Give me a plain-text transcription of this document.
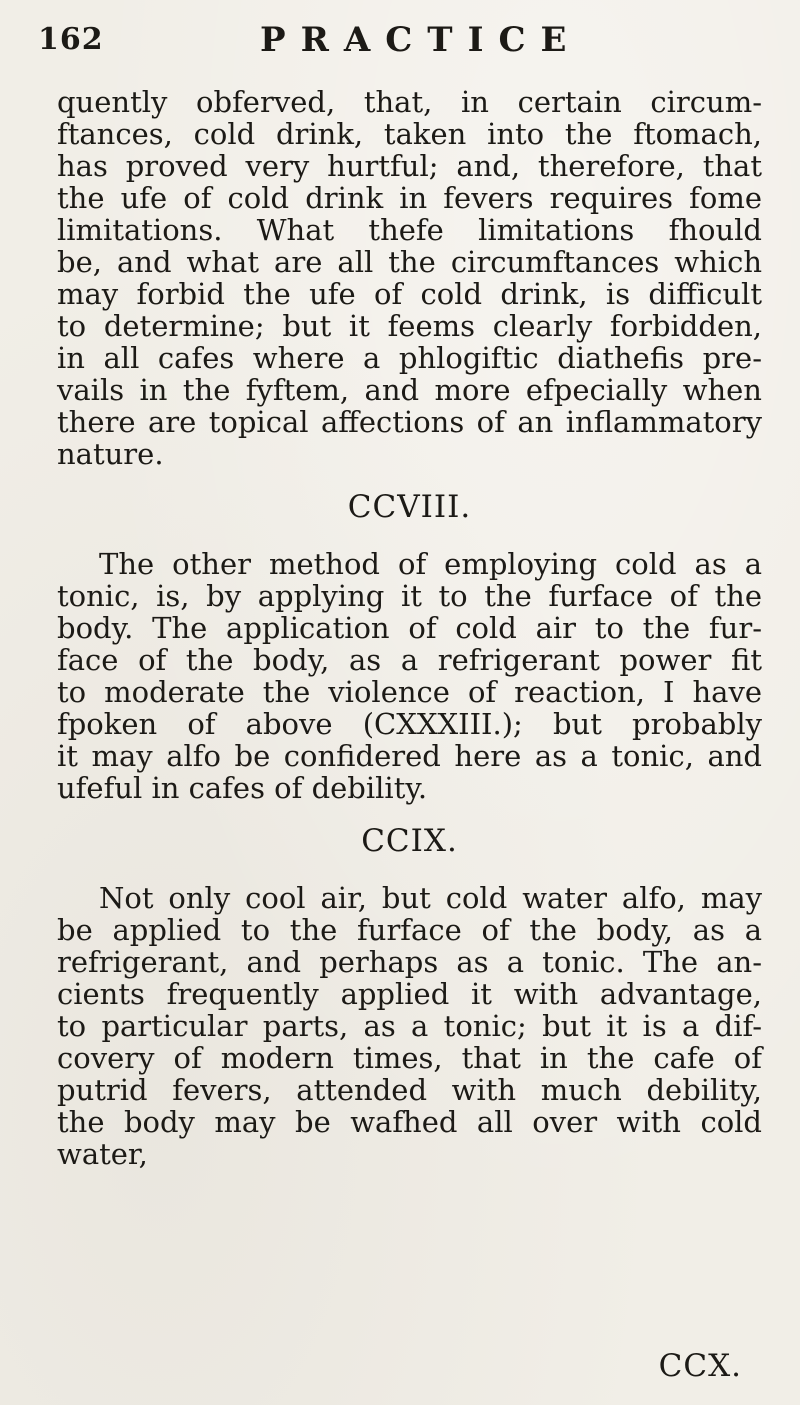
162	PRACTICE
quently obferved, that, in certain circum-
ftances, cold drink, taken into the ftomach,
has proved very hurtful; and, therefore, that
the ufe of cold drink in fevers requires fome
limitations. What thefe limitations fhould
be, and what are all the circumftances which
may forbid the ufe of cold drink, is difficult
to determine; but it feems clearly forbidden,
in all cafes where a phlogiftic diathefis pre-
vails in the fyftem, and more efpecially when
there are topical affections of an inflammatory
nature.
CCVIII.
The other method of employing cold as a
tonic, is, by applying it to the furface of the
body. The application of cold air to the fur-
face of the body, as a refrigerant power fit
to moderate the violence of reaction, I have
fpoken of above (CXXXIII.); but probably
it may alfo be confidered here as a tonic, and
ufeful in cafes of debility.
CCIX.
Not only cool air, but cold water alfo, may
be applied to the furface of the body, as a
refrigerant, and perhaps as a tonic. The an-
cients frequently applied it with advantage,
to particular parts, as a tonic; but it is a dif-
covery of modern times, that in the cafe of
putrid fevers, attended with much debility,
the body may be wafhed all over with cold
water,
CCX.
